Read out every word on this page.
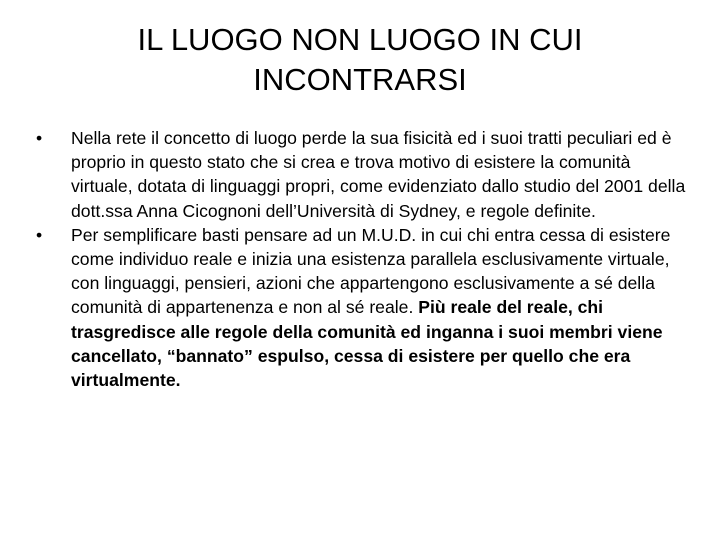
IL LUOGO NON LUOGO IN CUI
INCONTRARSI
•	Nella rete il concetto di luogo perde la sua fisicità ed i suoi tratti peculiari ed è proprio in questo stato che si crea e trova motivo di esistere la comunità virtuale, dotata di linguaggi propri, come evidenziato dallo studio del 2001 della dott.ssa Anna Cicognoni dell’Università di Sydney, e regole definite.
•	Per semplificare basti pensare ad un M.U.D. in cui chi entra cessa di esistere come individuo reale e inizia una esistenza parallela esclusivamente virtuale, con linguaggi, pensieri, azioni che appartengono esclusivamente a sé della comunità di appartenenza e non al sé reale. Più reale del reale, chi trasgredisce alle regole della comunità ed inganna i suoi membri viene cancellato, “bannato” espulso, cessa di esistere per quello che era virtualmente.
